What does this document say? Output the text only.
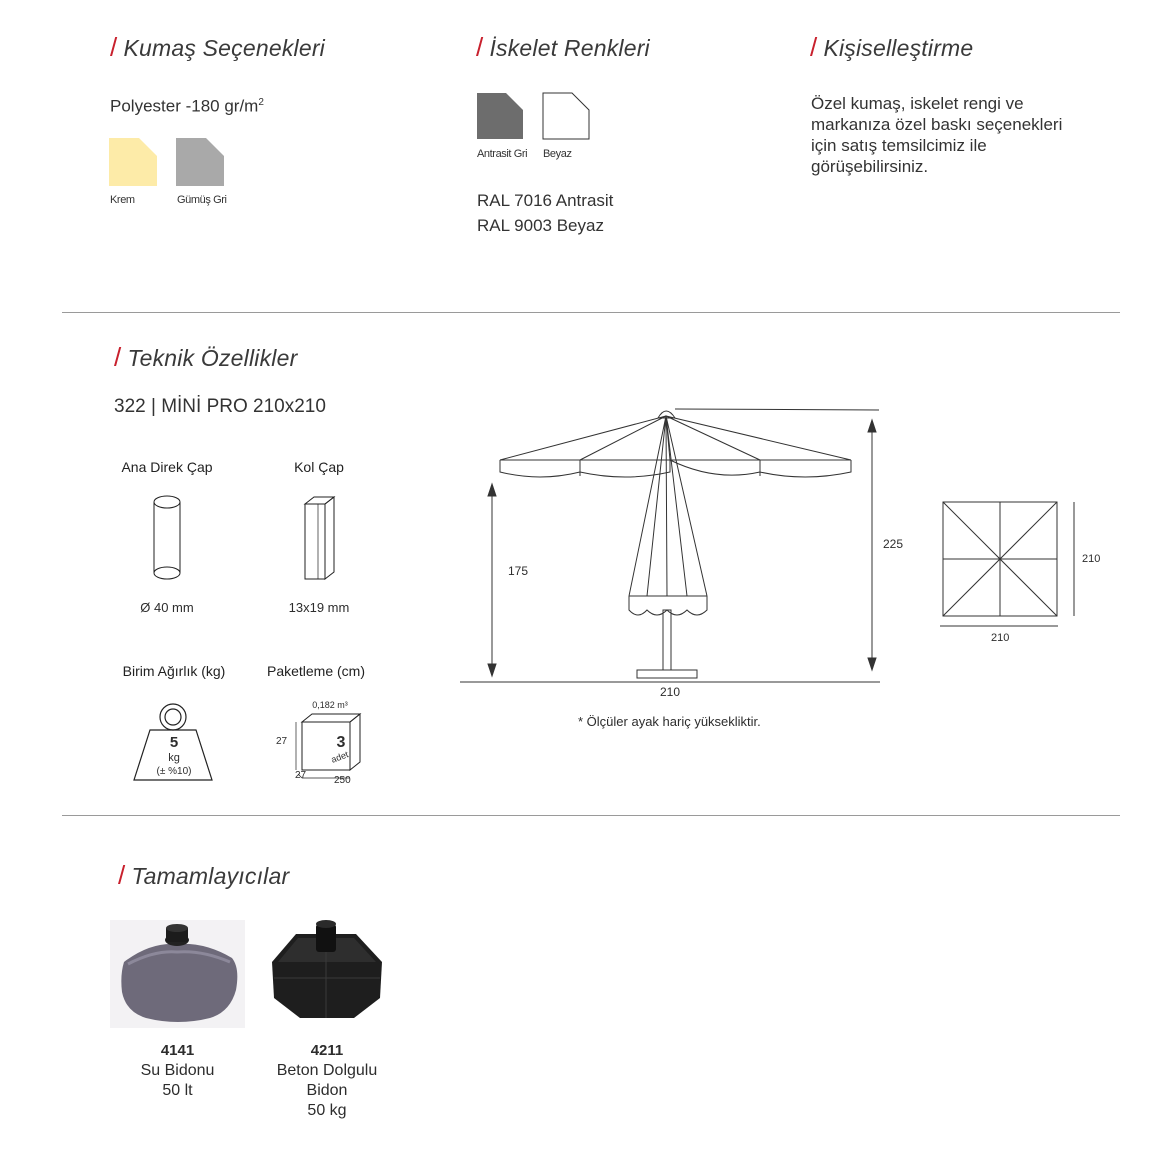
/ Kumaş Seçenekleri
Polyester -180 $gr/m^2$
Krem	Gümüş Gri
/ İskelet Renkleri
Antrasit Gri Beyaz
RAL 7016 Antrasit
RAL 9003 Beyaz
/ Kişiselleştirme
Özel kumaş, iskelet rengi ve
markanıza özel baskı seçenekleri
için satış temsilcimiz ile
görüşebilirsiniz.
/ Teknik Özellikler
322 | MİNİ PRO 210x210
Ana Direk Çap
Ø 40 mm
Kol Çap
13x19 mm
Birim Ağırlık (kg)
5
kg
(± %10)
Paketleme (cm)
0,182 m³
3
adet
27
27	250
175
225
210
* Ölçüler ayak hariç yüksekliktir.
210
210
/ Tamamlayıcılar
4141
Su Bidonu
50 lt
4211
Beton Dolgulu
Bidon
50 kg
